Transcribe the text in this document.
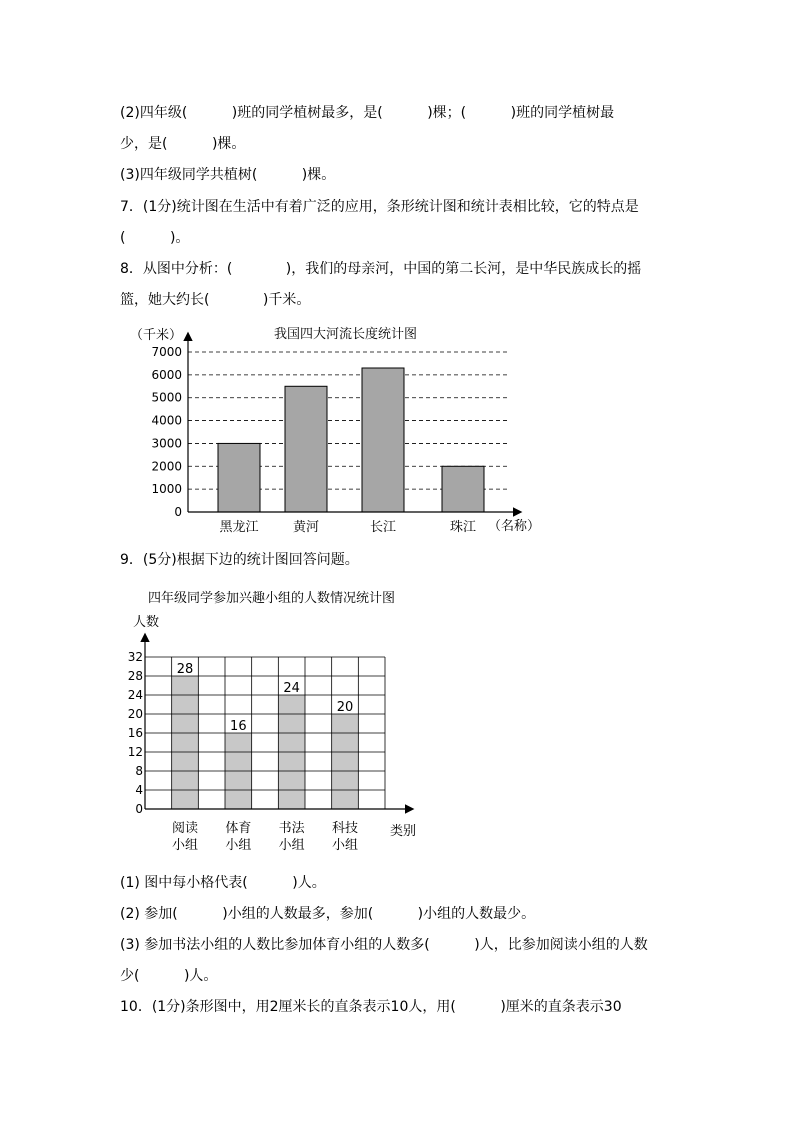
(2)四年级(          )班的同学植树最多，是(          )棵；(          )班的同学植树最
少，是(          )棵。
(3)四年级同学共植树(          )棵。
7．(1分)统计图在生活中有着广泛的应用，条形统计图和统计表相比较，它的特点是
(          )。
8．从图中分析：(            )，我们的母亲河，中国的第二长河，是中华民族成长的摇
篮，她大约长(            )千米。
我国四大河流长度统计图
（千米）
（名称）
0
1000
2000
3000
4000
5000
6000
7000
黑龙江	黄河	长江	珠江
9．(5分)根据下边的统计图回答问题。
四年级同学参加兴趣小组的人数情况统计图
人数
0
4
8
12
16
20
24
28
32
28
16
24
20
阅读
小组
体育
小组
书法
小组
科技
小组
类别
(1) 图中每小格代表(          )人。
(2) 参加(          )小组的人数最多，参加(          )小组的人数最少。
(3) 参加书法小组的人数比参加体育小组的人数多(          )人，比参加阅读小组的人数
少(          )人。
10．(1分)条形图中，用2厘米长的直条表示10人，用(          )厘米的直条表示30
